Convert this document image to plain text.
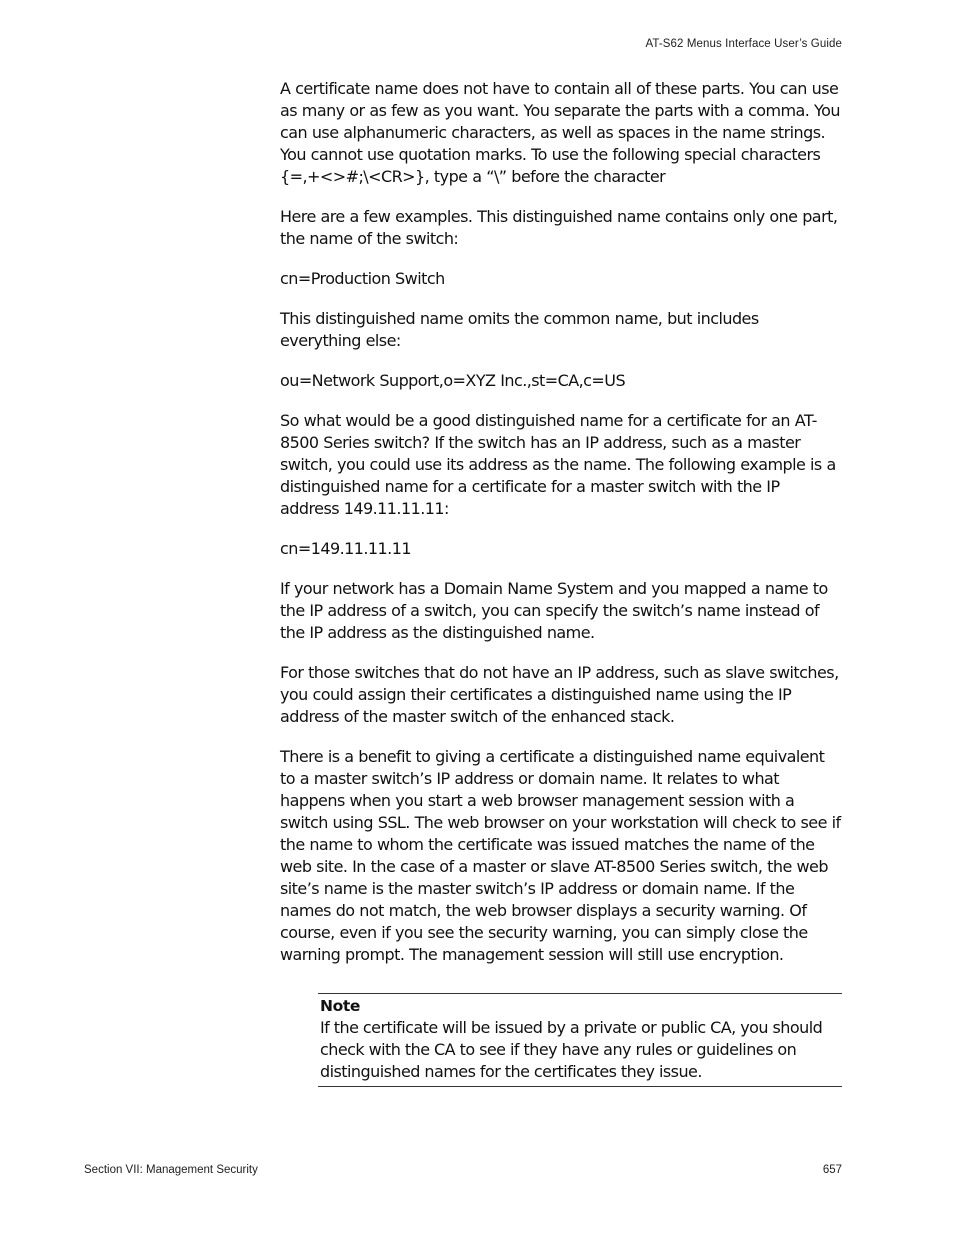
AT-S62 Menus Interface User’s Guide

A certificate name does not have to contain all of these parts. You can use as many or as few as you want. You separate the parts with a comma. You can use alphanumeric characters, as well as spaces in the name strings. You cannot use quotation marks. To use the following special characters {=,+<>#;\<CR>}, type a “\” before the character

Here are a few examples. This distinguished name contains only one part, the name of the switch:

cn=Production Switch

This distinguished name omits the common name, but includes everything else:

ou=Network Support,o=XYZ Inc.,st=CA,c=US

So what would be a good distinguished name for a certificate for an AT-8500 Series switch? If the switch has an IP address, such as a master switch, you could use its address as the name. The following example is a distinguished name for a certificate for a master switch with the IP address 149.11.11.11:

cn=149.11.11.11

If your network has a Domain Name System and you mapped a name to the IP address of a switch, you can specify the switch’s name instead of the IP address as the distinguished name.

For those switches that do not have an IP address, such as slave switches, you could assign their certificates a distinguished name using the IP address of the master switch of the enhanced stack.

There is a benefit to giving a certificate a distinguished name equivalent to a master switch’s IP address or domain name. It relates to what happens when you start a web browser management session with a switch using SSL. The web browser on your workstation will check to see if the name to whom the certificate was issued matches the name of the web site. In the case of a master or slave AT-8500 Series switch, the web site’s name is the master switch’s IP address or domain name. If the names do not match, the web browser displays a security warning. Of course, even if you see the security warning, you can simply close the warning prompt. The management session will still use encryption.

Note

If the certificate will be issued by a private or public CA, you should check with the CA to see if they have any rules or guidelines on distinguished names for the certificates they issue.

Section VII: Management Security	657
